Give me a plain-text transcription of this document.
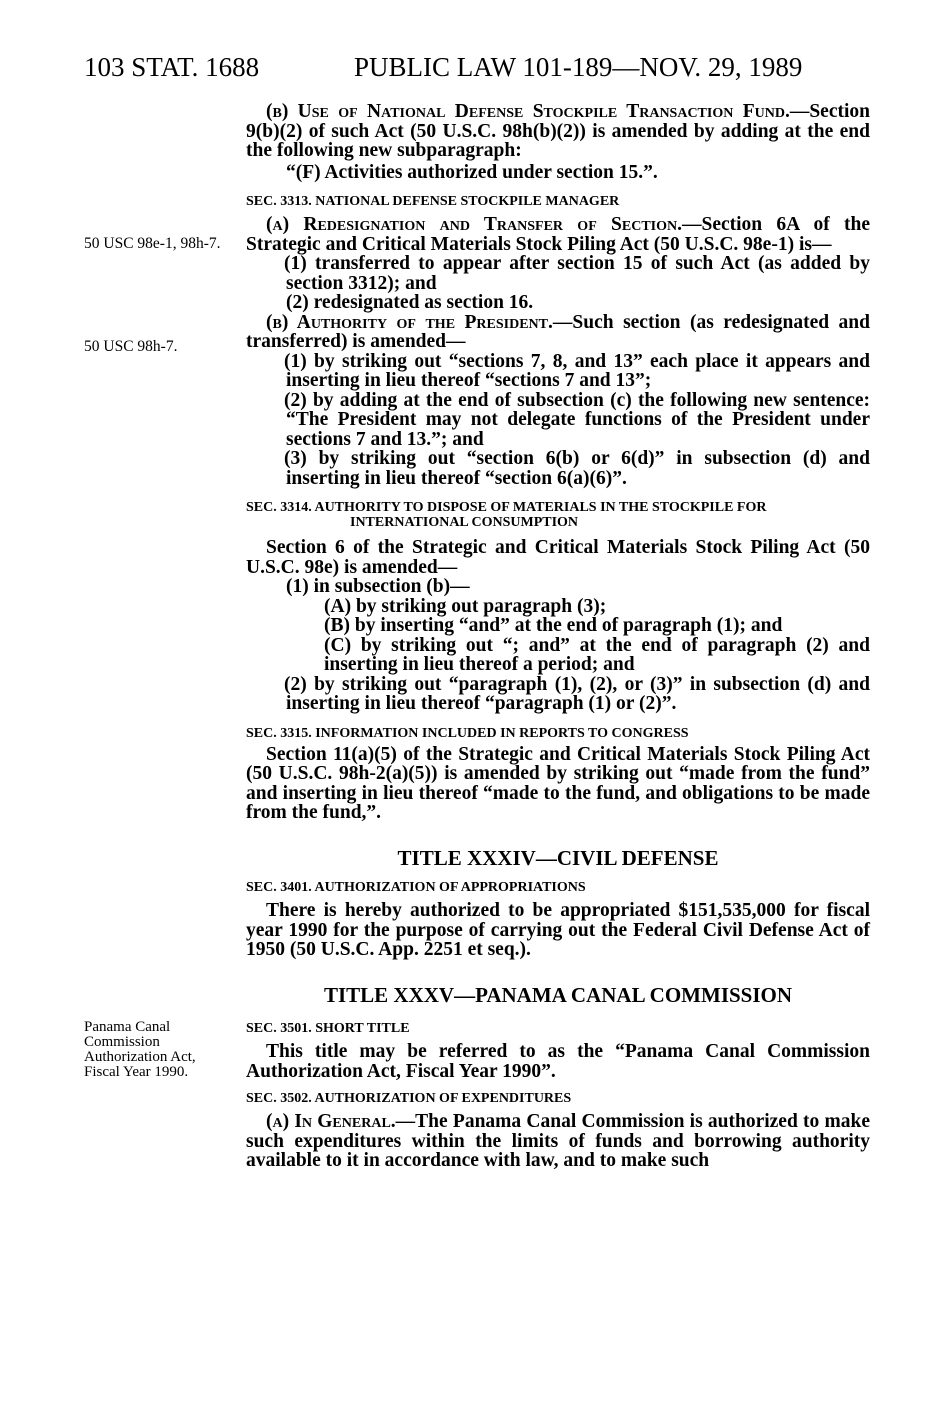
103 STAT. 1688	PUBLIC LAW 101-189—NOV. 29, 1989
50 USC 98e-1, 98h-7.
50 USC 98h-7.
Panama Canal Commission Authorization Act, Fiscal Year 1990.

(b) Use of National Defense Stockpile Transaction Fund.—Section 9(b)(2) of such Act (50 U.S.C. 98h(b)(2)) is amended by adding at the end the following new subparagraph:

“(F) Activities authorized under section 15.”.

SEC. 3313. NATIONAL DEFENSE STOCKPILE MANAGER

(a) Redesignation and Transfer of Section.—Section 6A of the Strategic and Critical Materials Stock Piling Act (50 U.S.C. 98e-1) is—

(1) transferred to appear after section 15 of such Act (as added by section 3312); and

(2) redesignated as section 16.

(b) Authority of the President.—Such section (as redesignated and transferred) is amended—

(1) by striking out “sections 7, 8, and 13” each place it appears and inserting in lieu thereof “sections 7 and 13”;

(2) by adding at the end of subsection (c) the following new sentence: “The President may not delegate functions of the President under sections 7 and 13.”; and

(3) by striking out “section 6(b) or 6(d)” in subsection (d) and inserting in lieu thereof “section 6(a)(6)”.

SEC. 3314. AUTHORITY TO DISPOSE OF MATERIALS IN THE STOCKPILE FOR INTERNATIONAL CONSUMPTION

Section 6 of the Strategic and Critical Materials Stock Piling Act (50 U.S.C. 98e) is amended—

(1) in subsection (b)—

(A) by striking out paragraph (3);

(B) by inserting “and” at the end of paragraph (1); and

(C) by striking out “; and” at the end of paragraph (2) and inserting in lieu thereof a period; and

(2) by striking out “paragraph (1), (2), or (3)” in subsection (d) and inserting in lieu thereof “paragraph (1) or (2)”.

SEC. 3315. INFORMATION INCLUDED IN REPORTS TO CONGRESS

Section 11(a)(5) of the Strategic and Critical Materials Stock Piling Act (50 U.S.C. 98h-2(a)(5)) is amended by striking out “made from the fund” and inserting in lieu thereof “made to the fund, and obligations to be made from the fund,”.

TITLE XXXIV—CIVIL DEFENSE

SEC. 3401. AUTHORIZATION OF APPROPRIATIONS

There is hereby authorized to be appropriated $151,535,000 for fiscal year 1990 for the purpose of carrying out the Federal Civil Defense Act of 1950 (50 U.S.C. App. 2251 et seq.).

TITLE XXXV—PANAMA CANAL COMMISSION

SEC. 3501. SHORT TITLE

This title may be referred to as the “Panama Canal Commission Authorization Act, Fiscal Year 1990”.

SEC. 3502. AUTHORIZATION OF EXPENDITURES

(a) In General.—The Panama Canal Commission is authorized to make such expenditures within the limits of funds and borrowing authority available to it in accordance with law, and to make such
